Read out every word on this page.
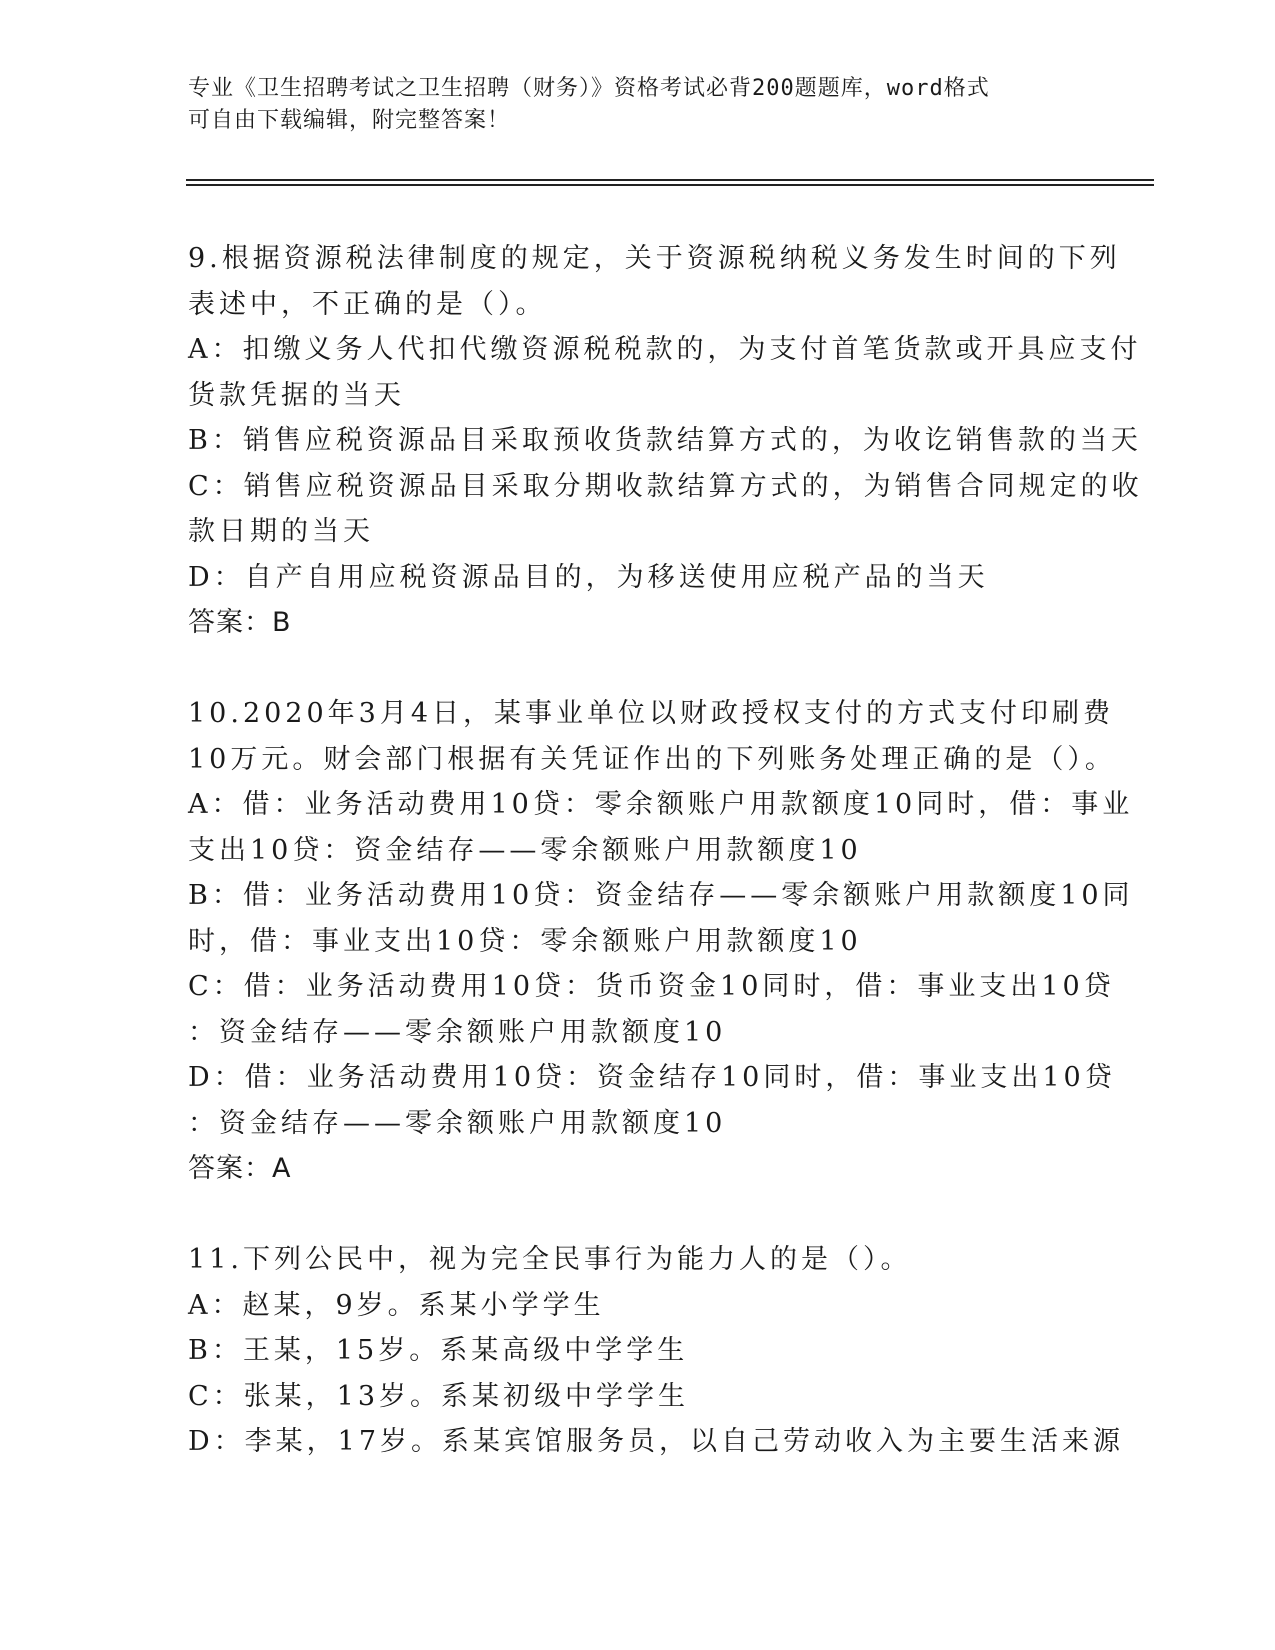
专业《卫生招聘考试之卫生招聘（财务）》资格考试必背200题题库，word格式
可自由下载编辑，附完整答案！
9.根据资源税法律制度的规定，关于资源税纳税义务发生时间的下列
表述中，不正确的是（）。
A：扣缴义务人代扣代缴资源税税款的，为支付首笔货款或开具应支付
货款凭据的当天
B：销售应税资源品目采取预收货款结算方式的，为收讫销售款的当天
C：销售应税资源品目采取分期收款结算方式的，为销售合同规定的收
款日期的当天
D：自产自用应税资源品目的，为移送使用应税产品的当天
答案：B
10.2020年3月4日，某事业单位以财政授权支付的方式支付印刷费
10万元。财会部门根据有关凭证作出的下列账务处理正确的是（）。
A：借：业务活动费用10贷：零余额账户用款额度10同时，借：事业
支出10贷：资金结存——零余额账户用款额度10
B：借：业务活动费用10贷：资金结存——零余额账户用款额度10同
时，借：事业支出10贷：零余额账户用款额度10
C：借：业务活动费用10贷：货币资金10同时，借：事业支出10贷
：资金结存——零余额账户用款额度10
D：借：业务活动费用10贷：资金结存10同时，借：事业支出10贷
：资金结存——零余额账户用款额度10
答案：A
11.下列公民中，视为完全民事行为能力人的是（）。
A：赵某，9岁。系某小学学生
B：王某，15岁。系某高级中学学生
C：张某，13岁。系某初级中学学生
D：李某，17岁。系某宾馆服务员，以自己劳动收入为主要生活来源
